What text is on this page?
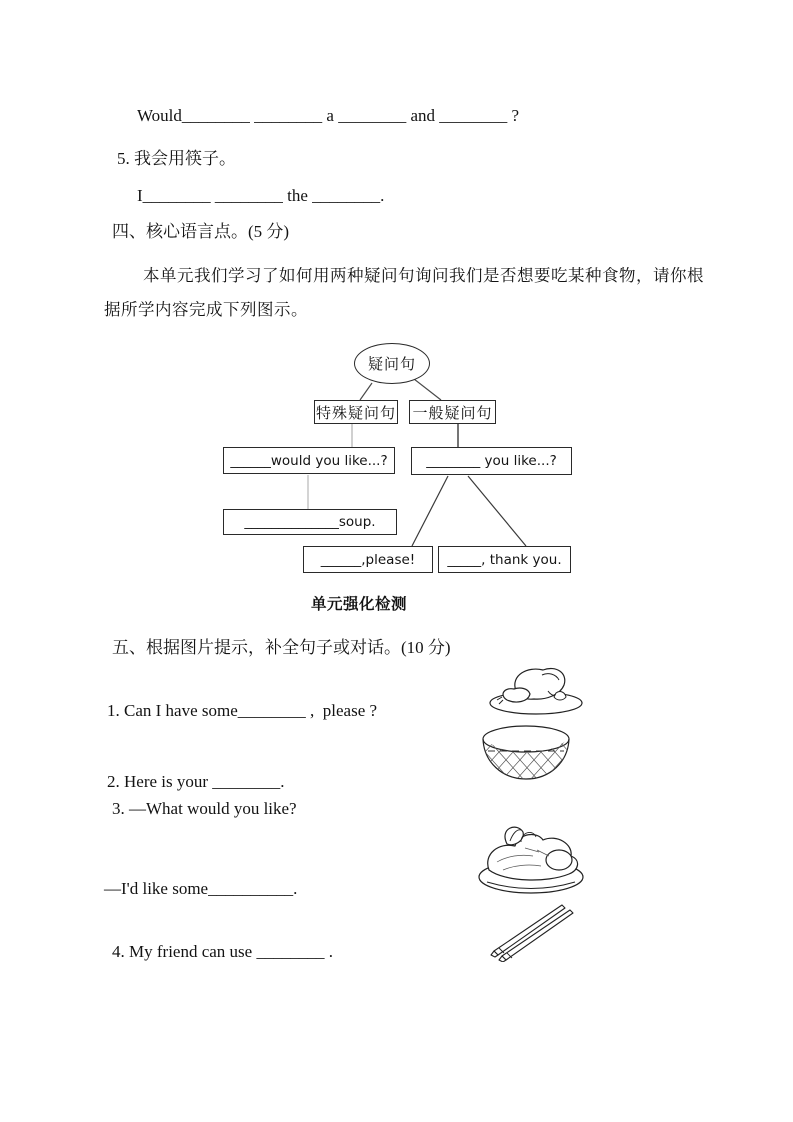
Would________ ________ a ________ and ________ ?
5. 我会用筷子。
I________ ________ the ________.
四、核心语言点。(5 分)
本单元我们学习了如何用两种疑问句询问我们是否想要吃某种食物，请你根
据所学内容完成下列图示。
疑问句
特殊疑问句 一般疑问句
______would you like...?	________ you like...?
______________soup.
______,please!	_____, thank you.
单元强化检测
五、根据图片提示，补全句子或对话。(10 分)
1. Can I have some________ ,  please ?
2. Here is your ________.
3. —What would you like?
—I'd like some__________.
4. My friend can use ________ .
